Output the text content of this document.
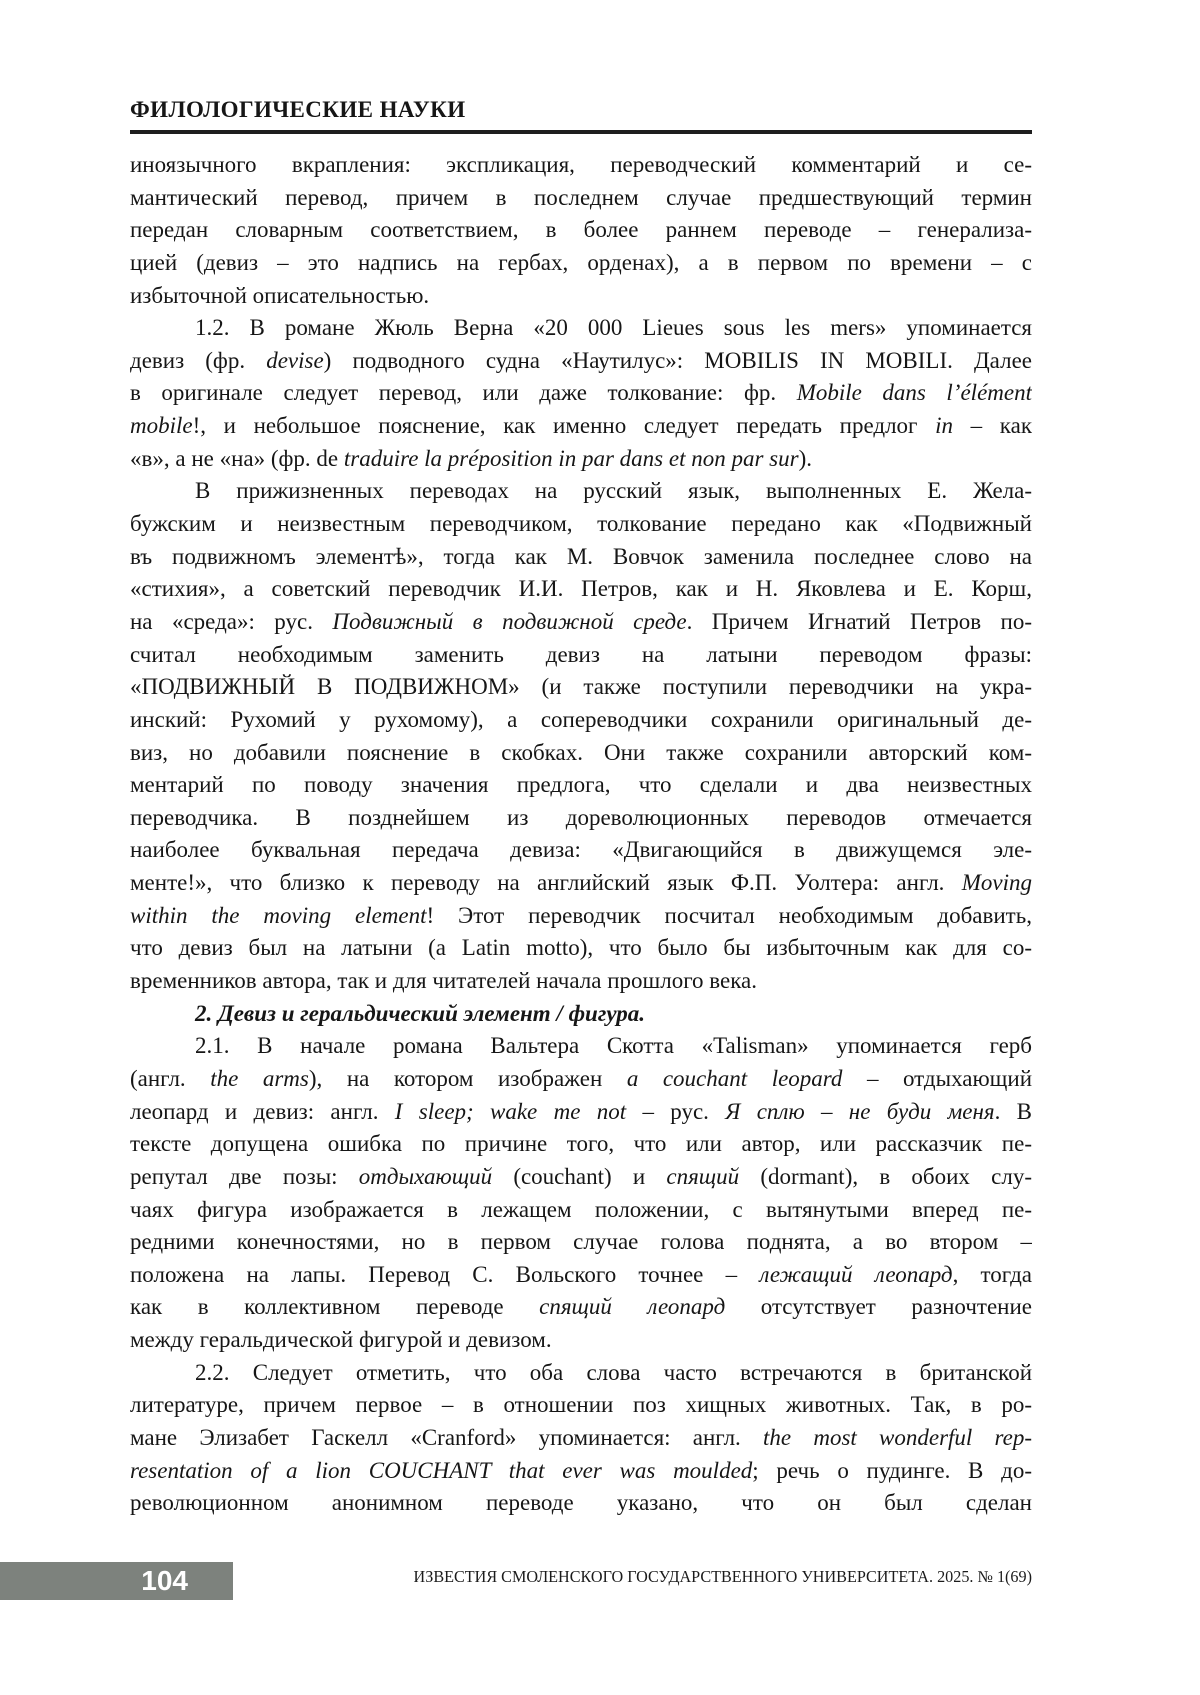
ФИЛОЛОГИЧЕСКИЕ НАУКИ
иноязычного вкрапления: экспликация, переводческий комментарий и се-
мантический перевод, причем в последнем случае предшествующий термин
передан словарным соответствием, в более раннем переводе – генерализа-
цией (девиз – это надпись на гербах, орденах), а в первом по времени – с
избыточной описательностью.
1.2. В романе Жюль Верна «20 000 Lieues sous les mers» упоминается
девиз (фр. devise) подводного судна «Наутилус»: MOBILIS IN MOBILI. Далее
в оригинале следует перевод, или даже толкование: фр. Mobile dans l’élément
mobile!, и небольшое пояснение, как именно следует передать предлог in – как
«в», а не «на» (фр. de traduire la préposition in par dans et non par sur).
В прижизненных переводах на русский язык, выполненных Е. Жела-
бужским и неизвестным переводчиком, толкование передано как «Подвижный
въ подвижномъ элементѣ», тогда как М. Вовчок заменила последнее слово на
«стихия», а советский переводчик И.И. Петров, как и Н. Яковлева и Е. Корш,
на «среда»: рус. Подвижный в подвижной среде. Причем Игнатий Петров по-
считал необходимым заменить девиз на латыни переводом фразы:
«ПОДВИЖНЫЙ В ПОДВИЖНОМ» (и также поступили переводчики на укра-
инский: Рухомий у рухомому), а сопереводчики сохранили оригинальный де-
виз, но добавили пояснение в скобках. Они также сохранили авторский ком-
ментарий по поводу значения предлога, что сделали и два неизвестных
переводчика. В позднейшем из дореволюционных переводов отмечается
наиболее буквальная передача девиза: «Двигающийся в движущемся эле-
менте!», что близко к переводу на английский язык Ф.П. Уолтера: англ. Moving
within the moving element! Этот переводчик посчитал необходимым добавить,
что девиз был на латыни (a Latin motto), что было бы избыточным как для со-
временников автора, так и для читателей начала прошлого века.
2. Девиз и геральдический элемент / фигура.
2.1. В начале романа Вальтера Скотта «Talisman» упоминается герб
(англ. the arms), на котором изображен a couchant leopard – отдыхающий
леопард и девиз: англ. I sleep; wake me not – рус. Я сплю – не буди меня. В
тексте допущена ошибка по причине того, что или автор, или рассказчик пе-
репутал две позы: отдыхающий (couchant) и спящий (dormant), в обоих слу-
чаях фигура изображается в лежащем положении, с вытянутыми вперед пе-
редними конечностями, но в первом случае голова поднята, а во втором –
положена на лапы. Перевод С. Вольского точнее – лежащий леопард, тогда
как в коллективном переводе спящий леопард отсутствует разночтение
между геральдической фигурой и девизом.
2.2. Следует отметить, что оба слова часто встречаются в британской
литературе, причем первое – в отношении поз хищных животных. Так, в ро-
мане Элизабет Гаскелл «Cranford» упоминается: англ. the most wonderful rep-
resentation of a lion COUCHANT that ever was moulded; речь о пудинге. В до-
революционном анонимном переводе указано, что он был сделан
104	ИЗВЕСТИЯ СМОЛЕНСКОГО ГОСУДАРСТВЕННОГО УНИВЕРСИТЕТА. 2025. № 1(69)
